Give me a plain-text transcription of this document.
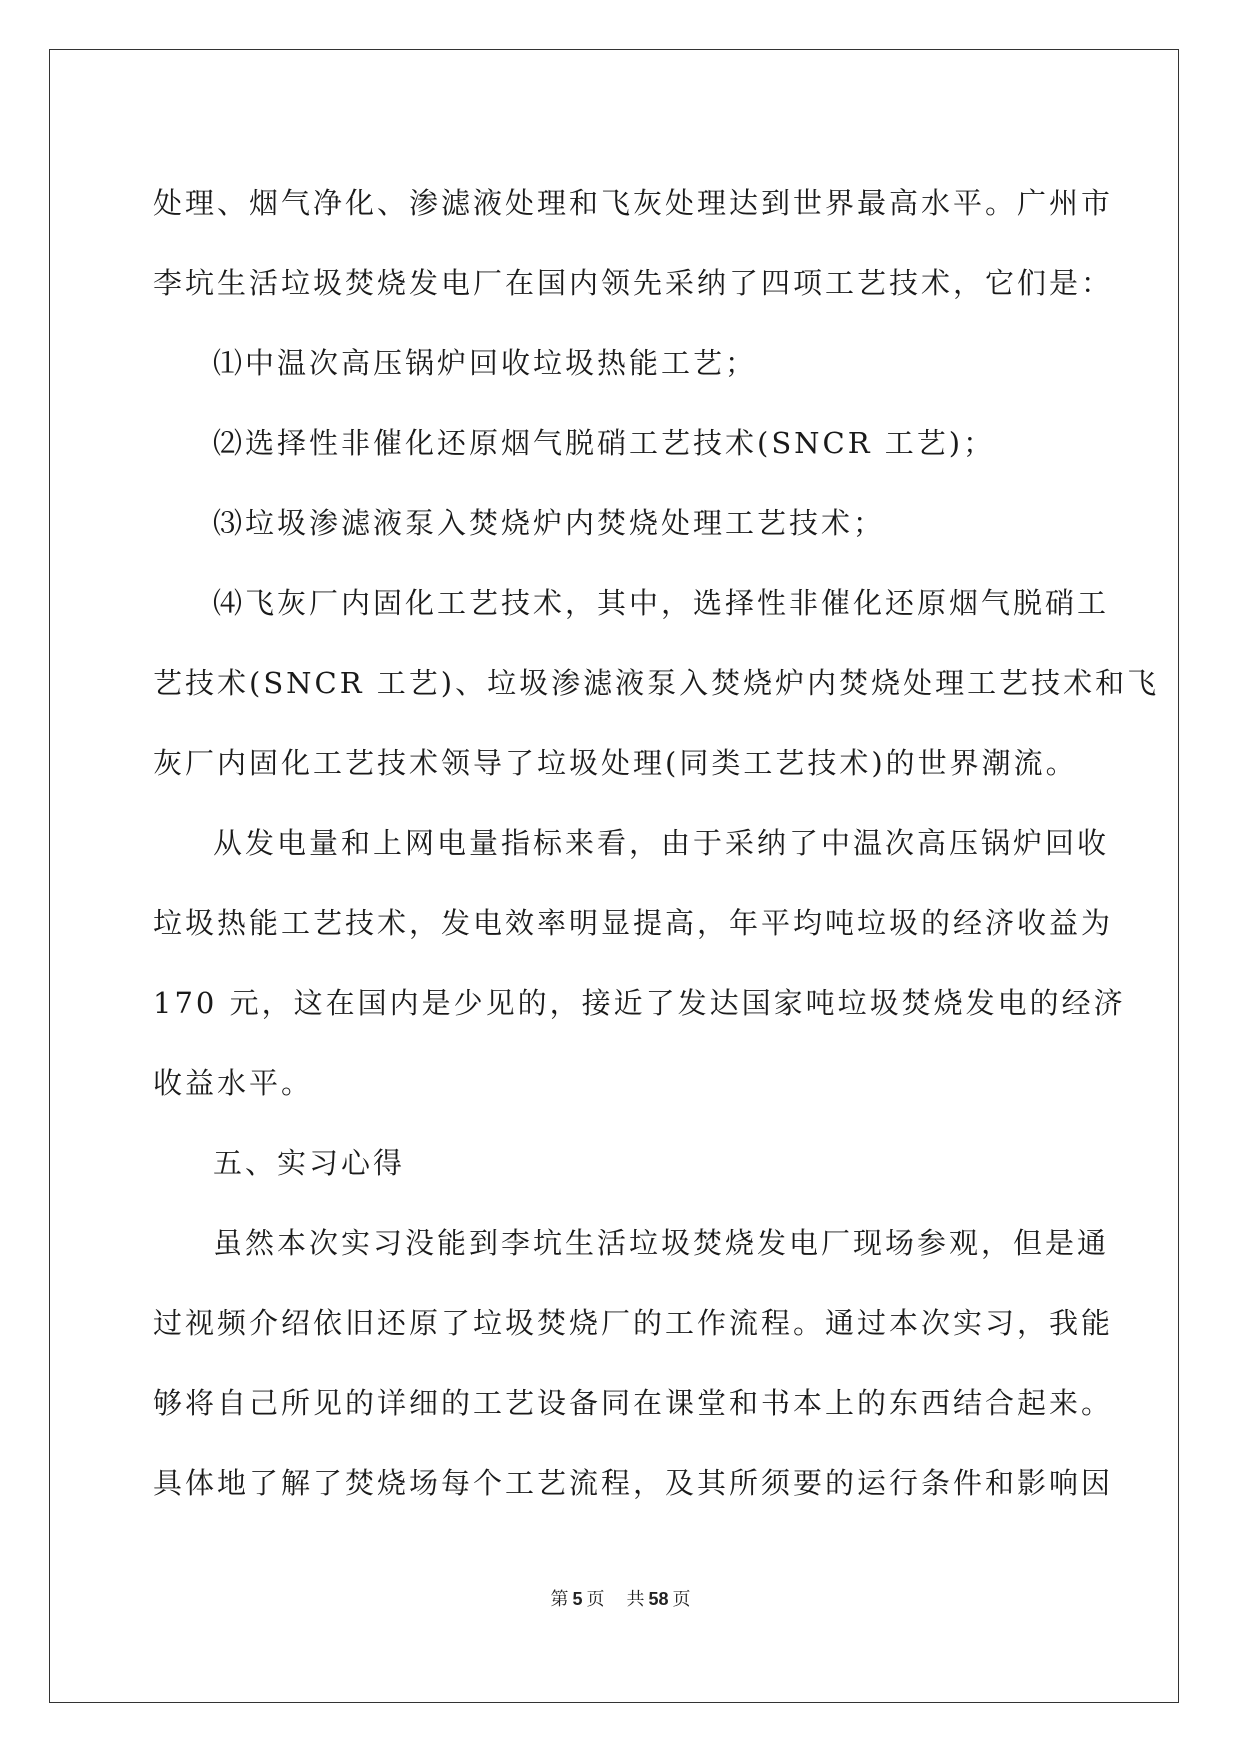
处理、烟气净化、渗滤液处理和飞灰处理达到世界最高水平。广州市
李坑生活垃圾焚烧发电厂在国内领先采纳了四项工艺技术，它们是：
⑴中温次高压锅炉回收垃圾热能工艺；
⑵选择性非催化还原烟气脱硝工艺技术(SNCR 工艺)；
⑶垃圾渗滤液泵入焚烧炉内焚烧处理工艺技术；
⑷飞灰厂内固化工艺技术，其中，选择性非催化还原烟气脱硝工
艺技术(SNCR 工艺)、垃圾渗滤液泵入焚烧炉内焚烧处理工艺技术和飞
灰厂内固化工艺技术领导了垃圾处理(同类工艺技术)的世界潮流。
从发电量和上网电量指标来看，由于采纳了中温次高压锅炉回收
垃圾热能工艺技术，发电效率明显提高，年平均吨垃圾的经济收益为
170 元，这在国内是少见的，接近了发达国家吨垃圾焚烧发电的经济
收益水平。
五、实习心得
虽然本次实习没能到李坑生活垃圾焚烧发电厂现场参观，但是通
过视频介绍依旧还原了垃圾焚烧厂的工作流程。通过本次实习，我能
够将自己所见的详细的工艺设备同在课堂和书本上的东西结合起来。
具体地了解了焚烧场每个工艺流程，及其所须要的运行条件和影响因
第 5 页 共 58 页
